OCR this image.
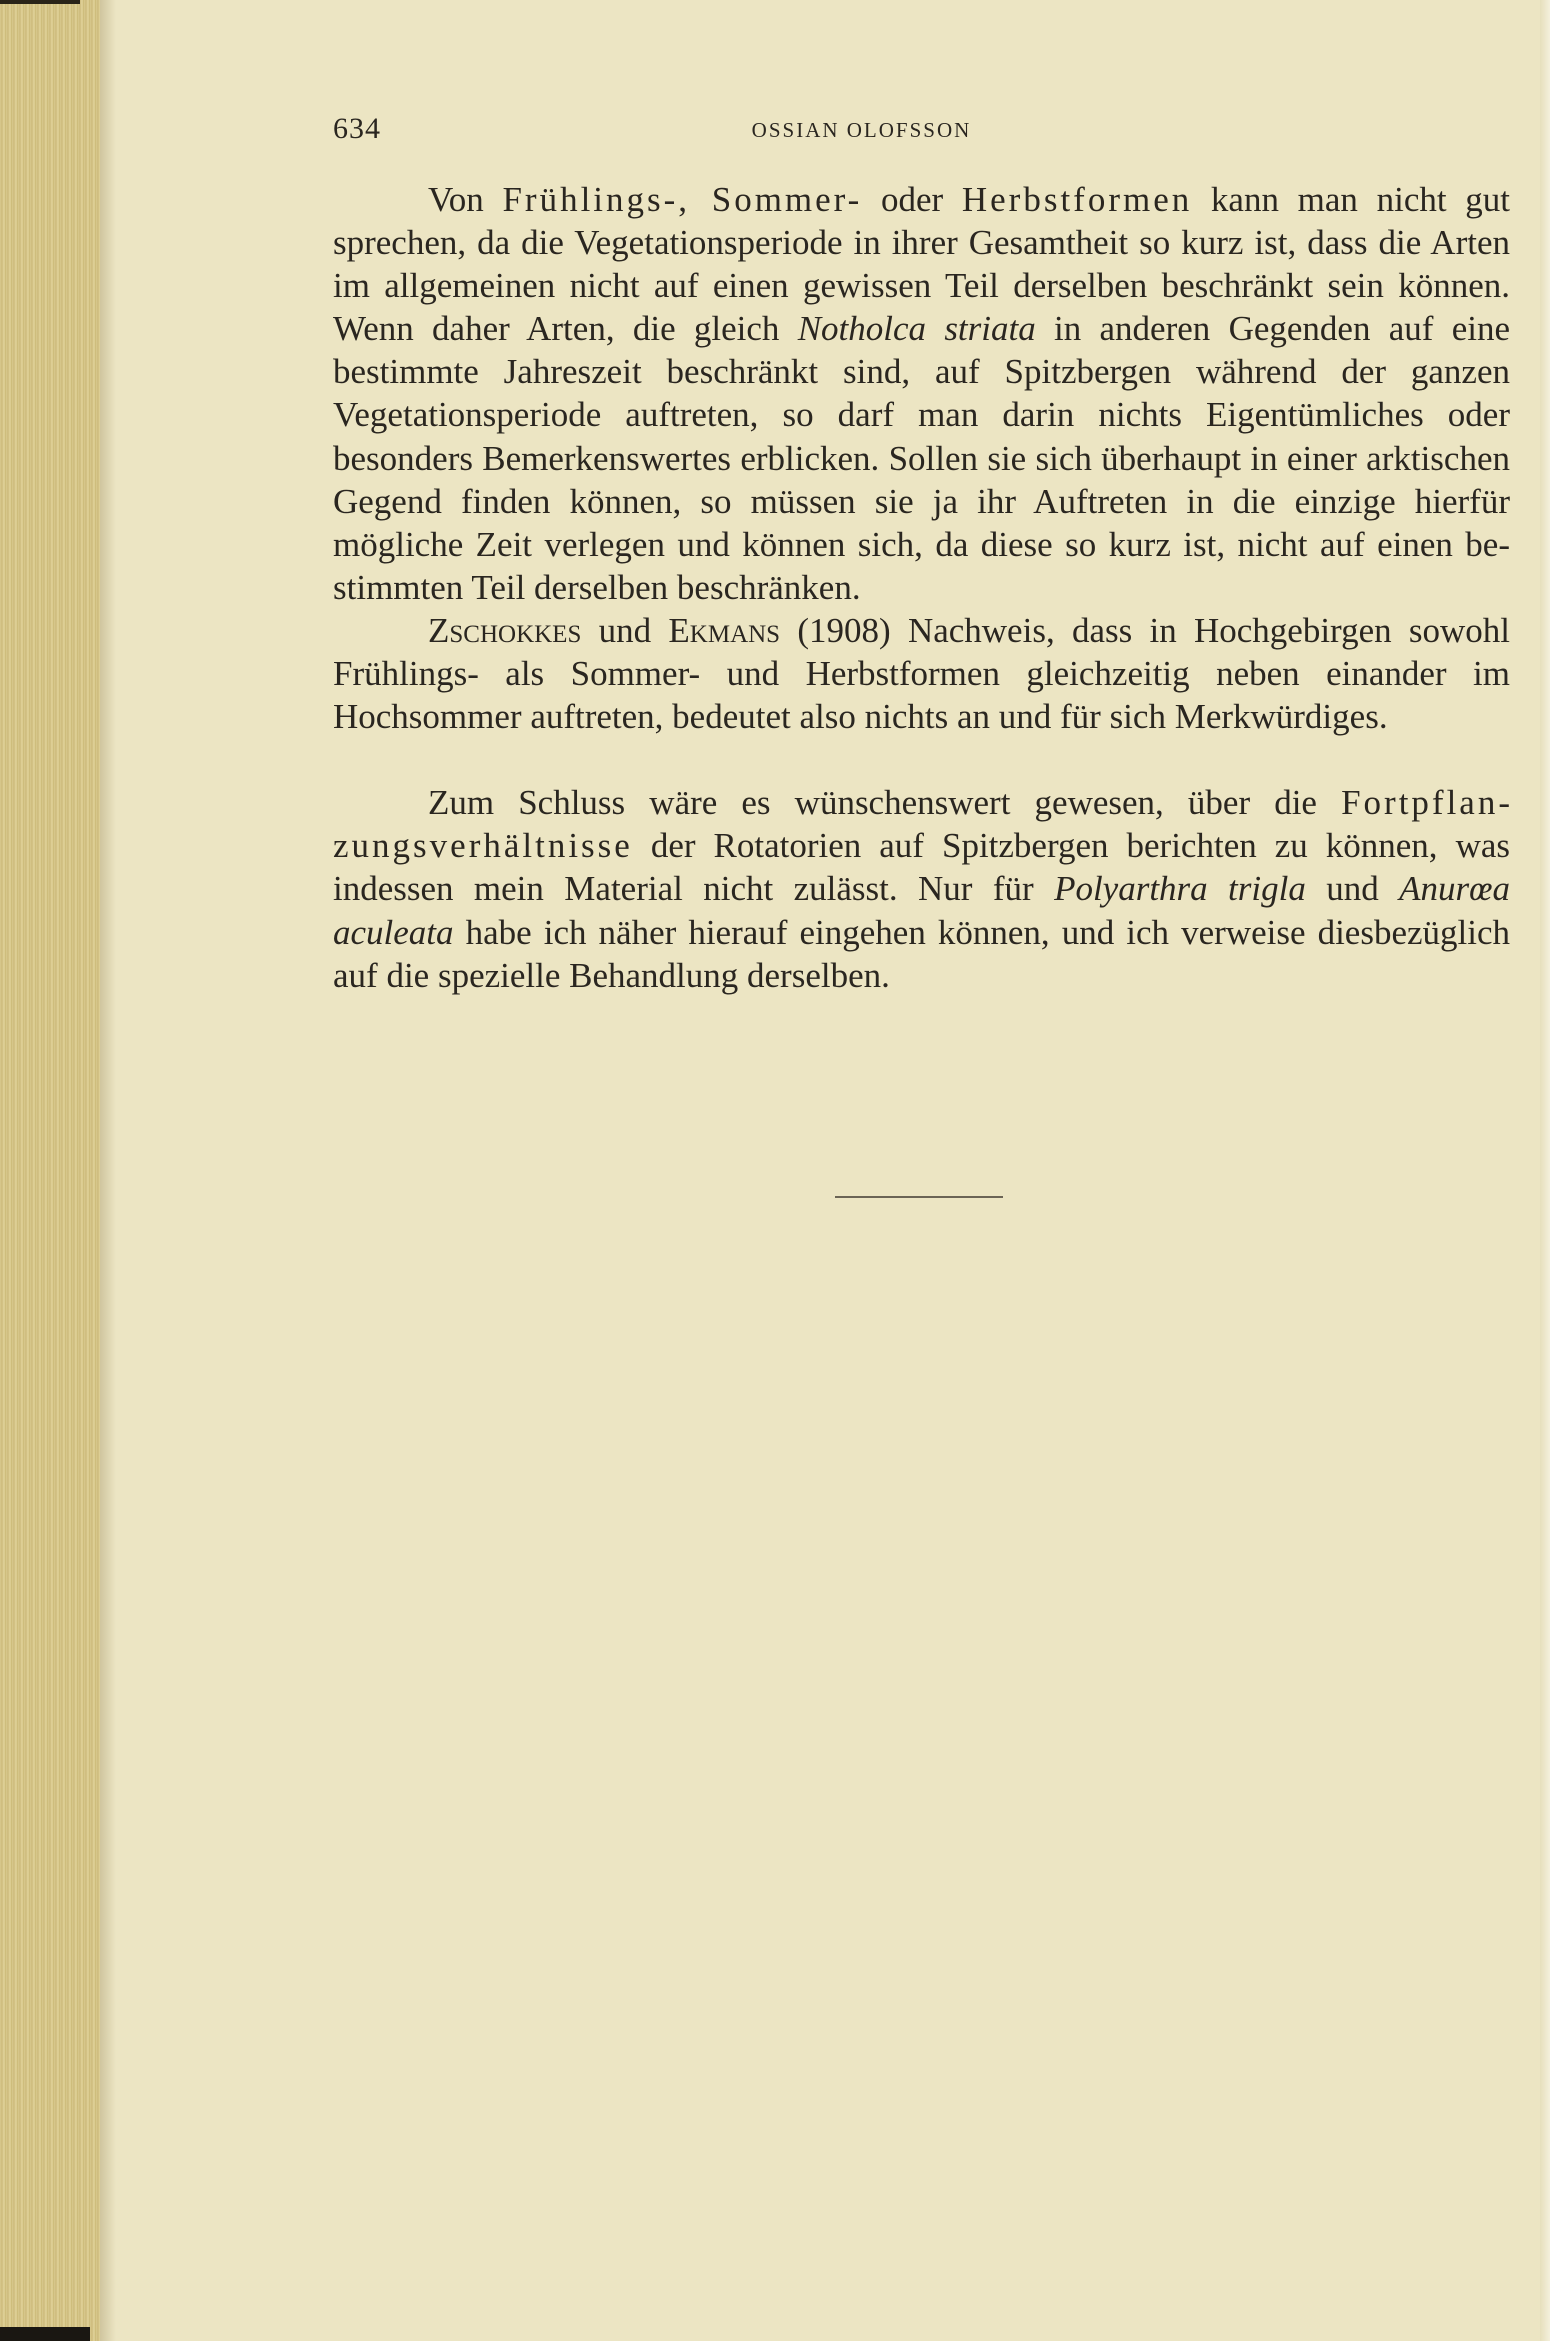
634	OSSIAN OLOFSSON

Von Frühlings-, Sommer- oder Herbstformen kann man nicht gut sprechen, da die Vegetationsperiode in ihrer Gesamtheit so kurz ist, dass die Arten im allgemeinen nicht auf einen gewissen Teil derselben beschränkt sein können. Wenn daher Arten, die gleich Notholca striata in anderen Gegenden auf eine bestimmte Jahreszeit beschränkt sind, auf Spitzbergen während der ganzen Vegetationsperiode auftreten, so darf man darin nichts Eigentümliches oder besonders Bemerkenswertes erblicken. Sollen sie sich überhaupt in einer arktischen Gegend finden können, so müssen sie ja ihr Auftreten in die einzige hierfür mögliche Zeit verlegen und können sich, da diese so kurz ist, nicht auf einen bestimmten Teil derselben beschränken.

Zschokkes und Ekmans (1908) Nachweis, dass in Hochgebirgen sowohl Frühlings- als Sommer- und Herbstformen gleichzeitig neben einander im Hochsommer auftreten, bedeutet also nichts an und für sich Merkwürdiges.

Zum Schluss wäre es wünschenswert gewesen, über die Fortpflanzungsverhältnisse der Rotatorien auf Spitzbergen berichten zu können, was indessen mein Material nicht zulässt. Nur für Polyarthra trigla und Anurœa aculeata habe ich näher hierauf eingehen können, und ich verweise diesbezüglich auf die spezielle Behandlung derselben.
